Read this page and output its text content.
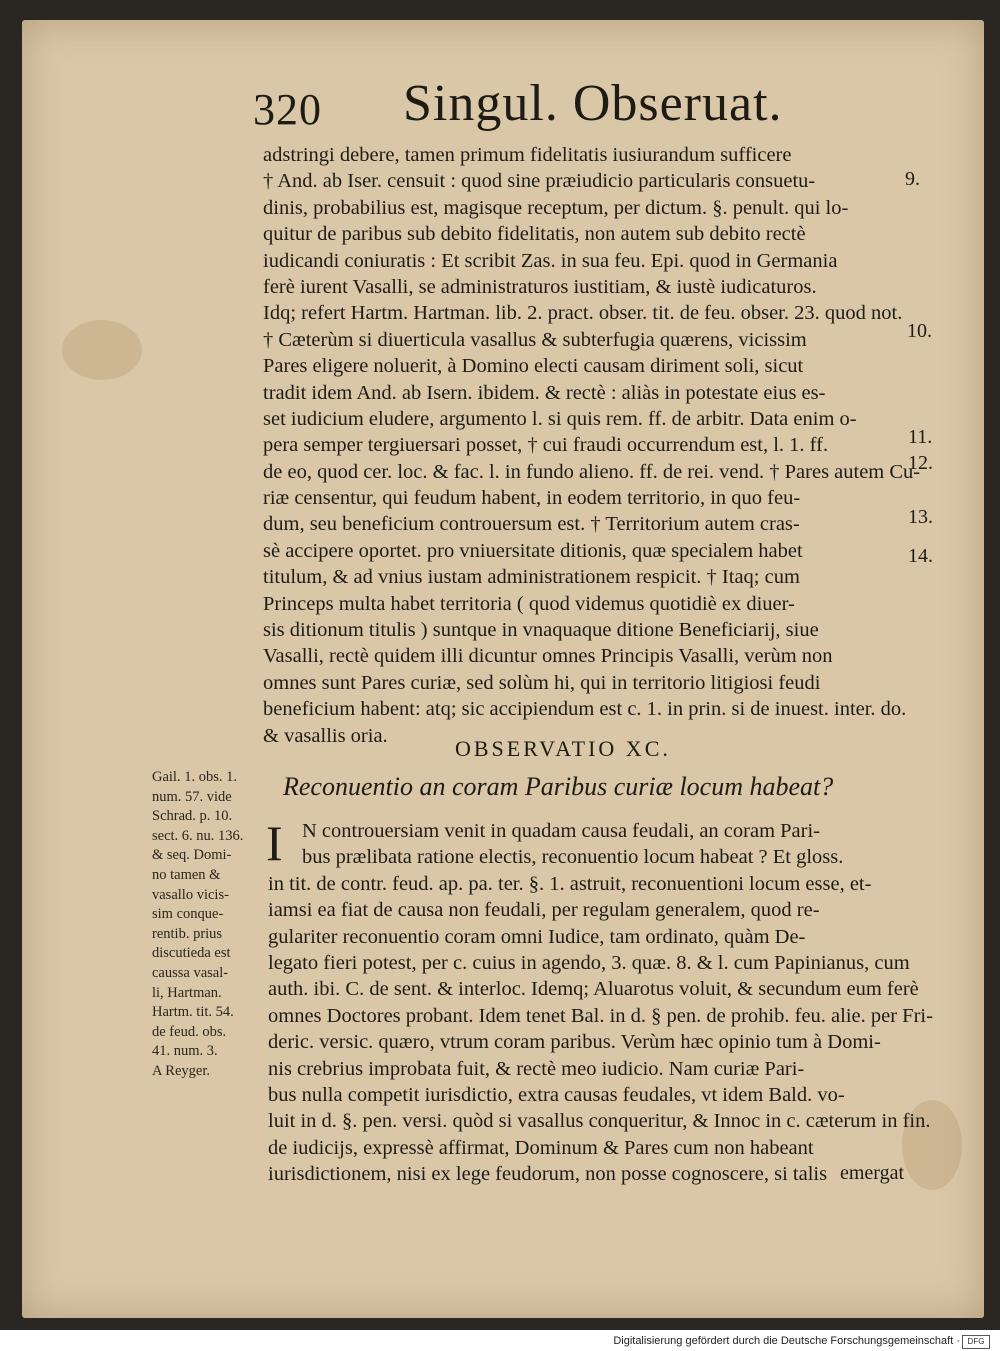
320 Singul. Obseruat.
adstringi debere, tamen primum fidelitatis iusiurandum sufficere
† And. ab Iser. censuit : quod sine præiudicio particularis consuetu-
dinis, probabilius est, magisque receptum, per dictum. §. penult. qui lo-
quitur de paribus sub debito fidelitatis, non autem sub debito rectè
iudicandi coniuratis : Et scribit Zas. in sua feu. Epi. quod in Germania
ferè iurent Vasalli, se administraturos iustitiam, & iustè iudicaturos.
Idq; refert Hartm. Hartman. lib. 2. pract. obser. tit. de feu. obser. 23. quod not.
† Cæterùm si diuerticula vasallus & subterfugia quærens, vicissim
Pares eligere noluerit, à Domino electi causam diriment soli, sicut
tradit idem And. ab Isern. ibidem. & rectè : aliàs in potestate eius es-
set iudicium eludere, argumento l. si quis rem. ff. de arbitr. Data enim o-
pera semper tergiuersari posset, † cui fraudi occurrendum est, l. 1. ff.
de eo, quod cer. loc. & fac. l. in fundo alieno. ff. de rei. vend. † Pares autem Cu-
riæ censentur, qui feudum habent, in eodem territorio, in quo feu-
dum, seu beneficium controuersum est. † Territorium autem cras-
sè accipere oportet. pro vniuersitate ditionis, quæ specialem habet
titulum, & ad vnius iustam administrationem respicit. † Itaq; cum
Princeps multa habet territoria ( quod videmus quotidiè ex diuer-
sis ditionum titulis ) suntque in vnaquaque ditione Beneficiarij, siue
Vasalli, rectè quidem illi dicuntur omnes Principis Vasalli, verùm non
omnes sunt Pares curiæ, sed solùm hi, qui in territorio litigiosi feudi
beneficium habent: atq; sic accipiendum est c. 1. in prin. si de inuest. inter. do.
& vasallis oria.
9.
10.
11.
12.
13.
14.
OBSERVATIO XC.
Reconuentio an coram Paribus curiæ locum habeat?
Gail. 1. obs. 1.
num. 57. vide
Schrad. p. 10.
sect. 6. nu. 136.
& seq. Domi-
no tamen &
vasallo vicis-
sim conque-
rentib. prius
discutieda est
caussa vasal-
li, Hartman.
Hartm. tit. 54.
de feud. obs.
41. num. 3.
A Reyger.
I N controuersiam venit in quadam causa feudali, an coram Pari-
bus prælibata ratione electis, reconuentio locum habeat ? Et gloss.
in tit. de contr. feud. ap. pa. ter. §. 1. astruit, reconuentioni locum esse, et-
iamsi ea fiat de causa non feudali, per regulam generalem, quod re-
gulariter reconuentio coram omni Iudice, tam ordinato, quàm De-
legato fieri potest, per c. cuius in agendo, 3. quæ. 8. & l. cum Papinianus, cum
auth. ibi. C. de sent. & interloc. Idemq; Aluarotus voluit, & secundum eum ferè
omnes Doctores probant. Idem tenet Bal. in d. § pen. de prohib. feu. alie. per Fri-
deric. versic. quæro, vtrum coram paribus. Verùm hæc opinio tum à Domi-
nis crebrius improbata fuit, & rectè meo iudicio. Nam curiæ Pari-
bus nulla competit iurisdictio, extra causas feudales, vt idem Bald. vo-
luit in d. §. pen. versi. quòd si vasallus conqueritur, & Innoc in c. cæterum in fin.
de iudicijs, expressè affirmat, Dominum & Pares cum non habeant
iurisdictionem, nisi ex lege feudorum, non posse cognoscere, si talis emergat
Digitalisierung gefördert durch die Deutsche Forschungsgemeinschaft · DFG
